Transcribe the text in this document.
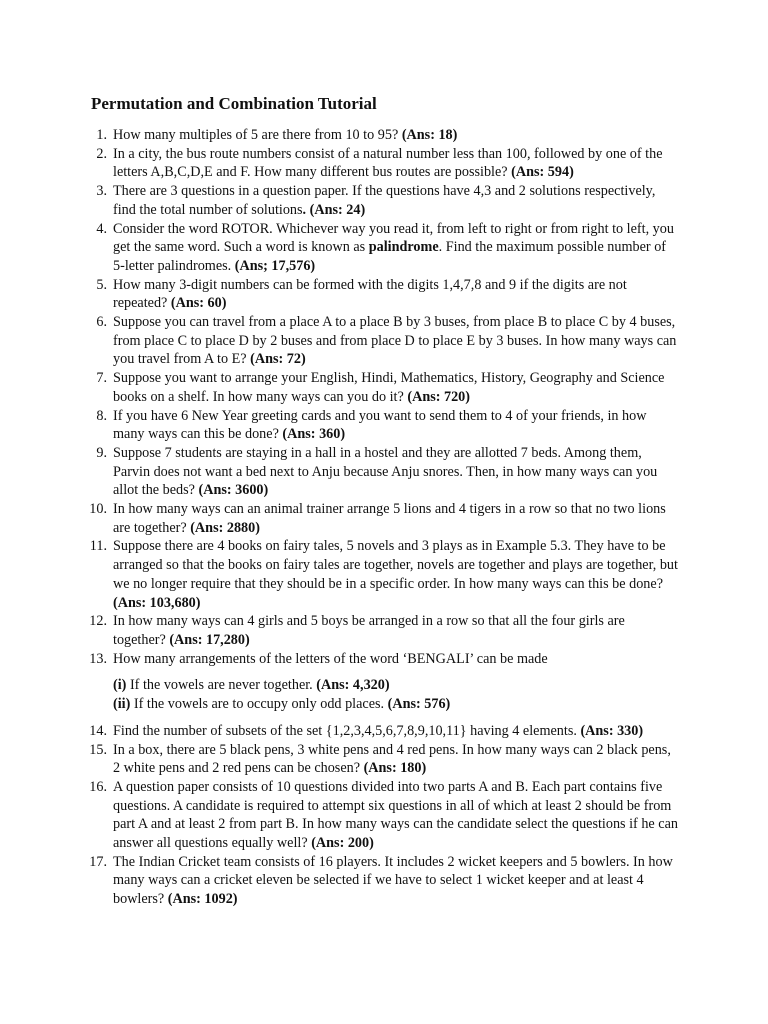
Permutation and Combination Tutorial
1. How many multiples of 5 are there from 10 to 95? (Ans: 18)
2. In a city, the bus route numbers consist of a natural number less than 100, followed by one of the letters A,B,C,D,E and F. How many different bus routes are possible? (Ans: 594)
3. There are 3 questions in a question paper. If the questions have 4,3 and 2 solutions respectively, find the total number of solutions. (Ans: 24)
4. Consider the word ROTOR. Whichever way you read it, from left to right or from right to left, you get the same word. Such a word is known as palindrome. Find the maximum possible number of 5-letter palindromes. (Ans; 17,576)
5. How many 3-digit numbers can be formed with the digits 1,4,7,8 and 9 if the digits are not repeated? (Ans: 60)
6. Suppose you can travel from a place A to a place B by 3 buses, from place B to place C by 4 buses, from place C to place D by 2 buses and from place D to place E by 3 buses. In how many ways can you travel from A to E? (Ans: 72)
7. Suppose you want to arrange your English, Hindi, Mathematics, History, Geography and Science books on a shelf. In how many ways can you do it? (Ans: 720)
8. If you have 6 New Year greeting cards and you want to send them to 4 of your friends, in how many ways can this be done? (Ans: 360)
9. Suppose 7 students are staying in a hall in a hostel and they are allotted 7 beds. Among them, Parvin does not want a bed next to Anju because Anju snores. Then, in how many ways can you allot the beds? (Ans: 3600)
10. In how many ways can an animal trainer arrange 5 lions and 4 tigers in a row so that no two lions are together? (Ans: 2880)
11. Suppose there are 4 books on fairy tales, 5 novels and 3 plays as in Example 5.3. They have to be arranged so that the books on fairy tales are together, novels are together and plays are together, but we no longer require that they should be in a specific order. In how many ways can this be done? (Ans: 103,680)
12. In how many ways can 4 girls and 5 boys be arranged in a row so that all the four girls are together? (Ans: 17,280)
13. How many arrangements of the letters of the word ‘BENGALI’ can be made
(i) If the vowels are never together. (Ans: 4,320)
(ii) If the vowels are to occupy only odd places. (Ans: 576)
14. Find the number of subsets of the set {1,2,3,4,5,6,7,8,9,10,11} having 4 elements. (Ans: 330)
15. In a box, there are 5 black pens, 3 white pens and 4 red pens. In how many ways can 2 black pens, 2 white pens and 2 red pens can be chosen? (Ans: 180)
16. A question paper consists of 10 questions divided into two parts A and B. Each part contains five questions. A candidate is required to attempt six questions in all of which at least 2 should be from part A and at least 2 from part B. In how many ways can the candidate select the questions if he can answer all questions equally well? (Ans: 200)
17. The Indian Cricket team consists of 16 players. It includes 2 wicket keepers and 5 bowlers. In how many ways can a cricket eleven be selected if we have to select 1 wicket keeper and at least 4 bowlers? (Ans: 1092)
